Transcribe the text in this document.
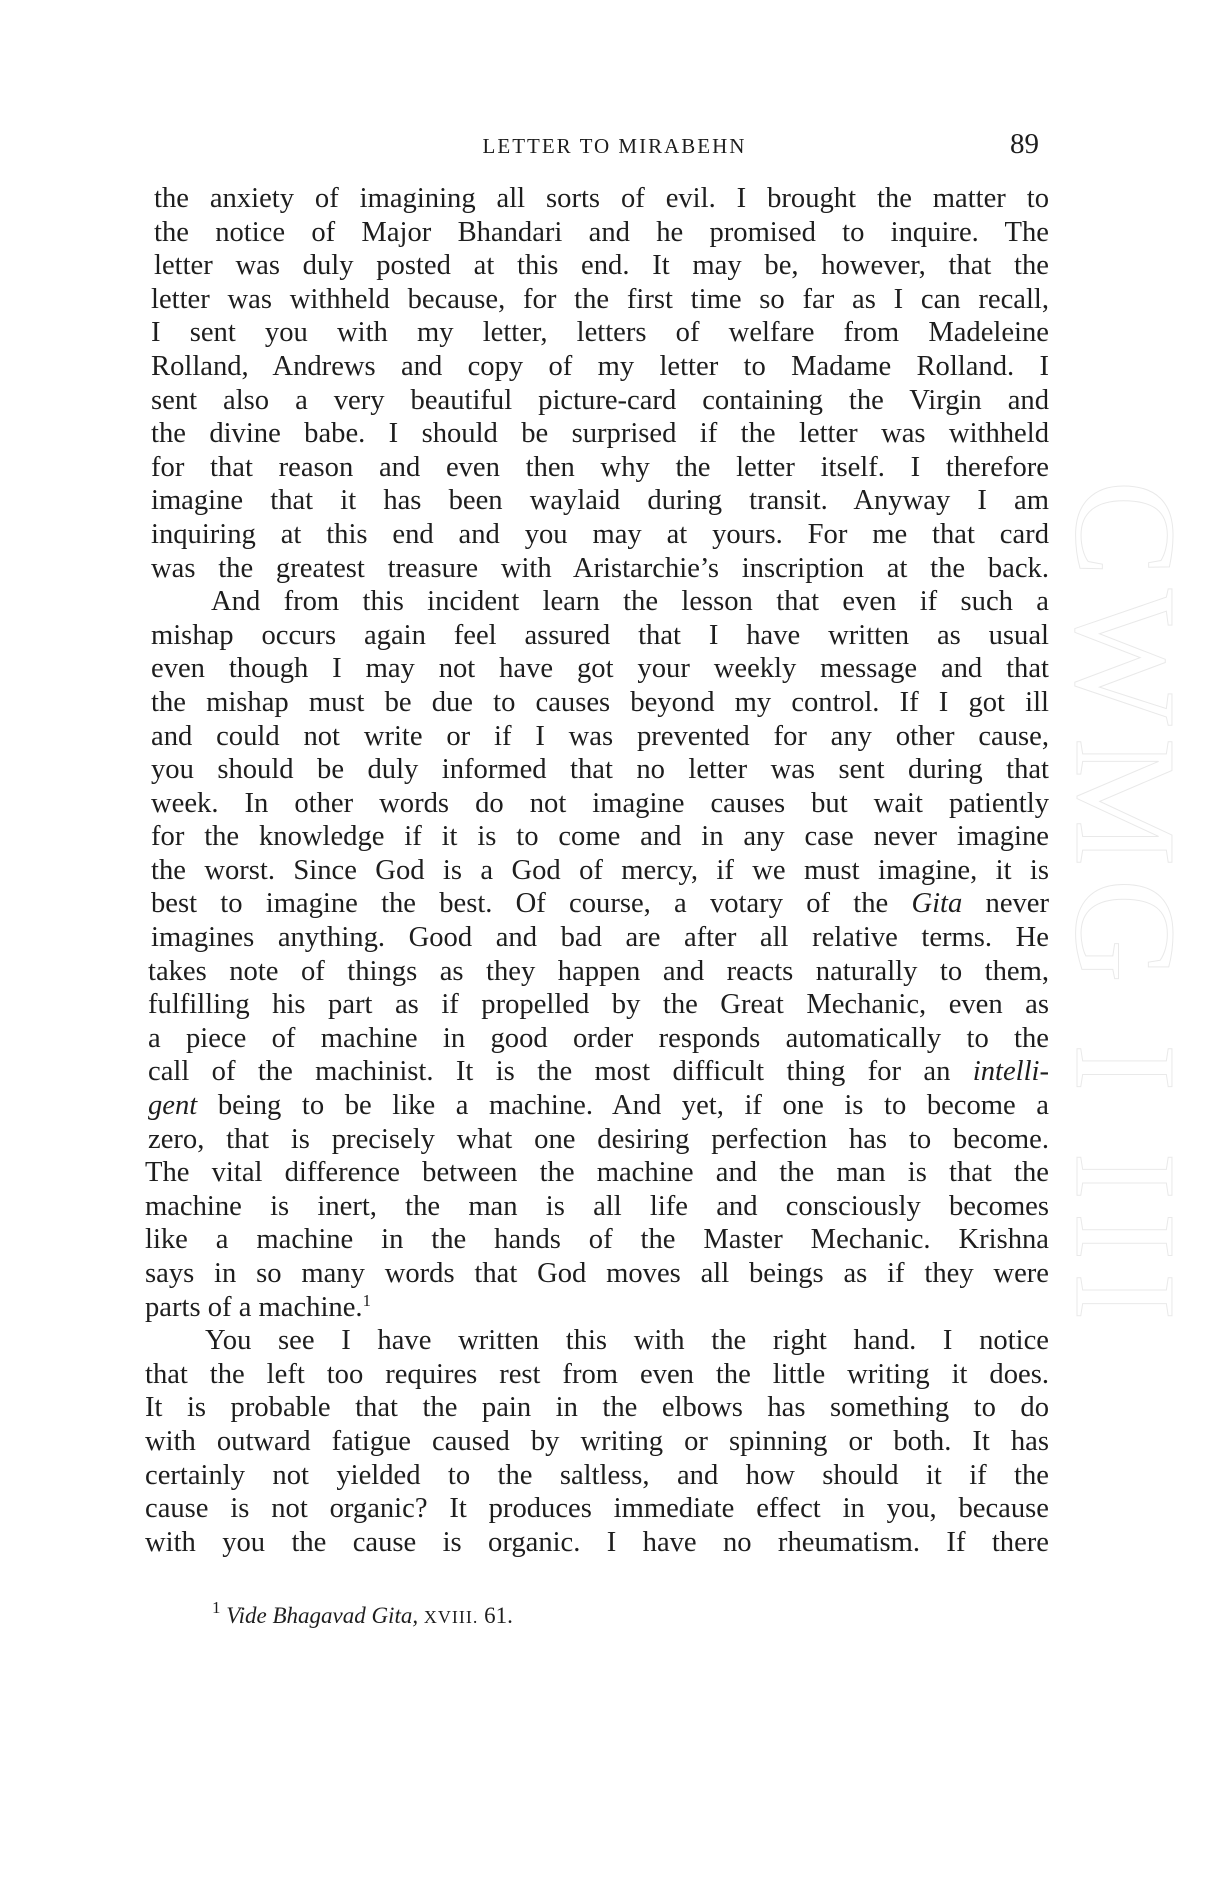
CWMG I III
LETTER TO MIRABEHN	89
the anxiety of imagining all sorts of evil. I brought the matter to
the notice of Major Bhandari and he promised to inquire. The
letter was duly posted at this end. It may be, however, that the
letter was withheld because, for the first time so far as I can recall,
I sent you with my letter, letters of welfare from Madeleine
Rolland, Andrews and copy of my letter to Madame Rolland. I
sent also a very beautiful picture-card containing the Virgin and
the divine babe. I should be surprised if the letter was withheld
for that reason and even then why the letter itself. I therefore
imagine that it has been waylaid during transit. Anyway I am
inquiring at this end and you may at yours. For me that card
was the greatest treasure with Aristarchie’s inscription at the back.
And from this incident learn the lesson that even if such a
mishap occurs again feel assured that I have written as usual
even though I may not have got your weekly message and that
the mishap must be due to causes beyond my control. If I got ill
and could not write or if I was prevented for any other cause,
you should be duly informed that no letter was sent during that
week. In other words do not imagine causes but wait patiently
for the knowledge if it is to come and in any case never imagine
the worst. Since God is a God of mercy, if we must imagine, it is
best to imagine the best. Of course, a votary of the Gita never
imagines anything. Good and bad are after all relative terms. He
takes note of things as they happen and reacts naturally to them,
fulfilling his part as if propelled by the Great Mechanic, even as
a piece of machine in good order responds automatically to the
call of the machinist. It is the most difficult thing for an intelli-
gent being to be like a machine. And yet, if one is to become a
zero, that is precisely what one desiring perfection has to become.
The vital difference between the machine and the man is that the
machine is inert, the man is all life and consciously becomes
like a machine in the hands of the Master Mechanic. Krishna
says in so many words that God moves all beings as if they were
parts of a machine.$^1$
You see I have written this with the right hand. I notice
that the left too requires rest from even the little writing it does.
It is probable that the pain in the elbows has something to do
with outward fatigue caused by writing or spinning or both. It has
certainly not yielded to the saltless, and how should it if the
cause is not organic? It produces immediate effect in you, because
with you the cause is organic. I have no rheumatism. If there
$^1$ Vide Bhagavad Gita, XVIII. 61.
